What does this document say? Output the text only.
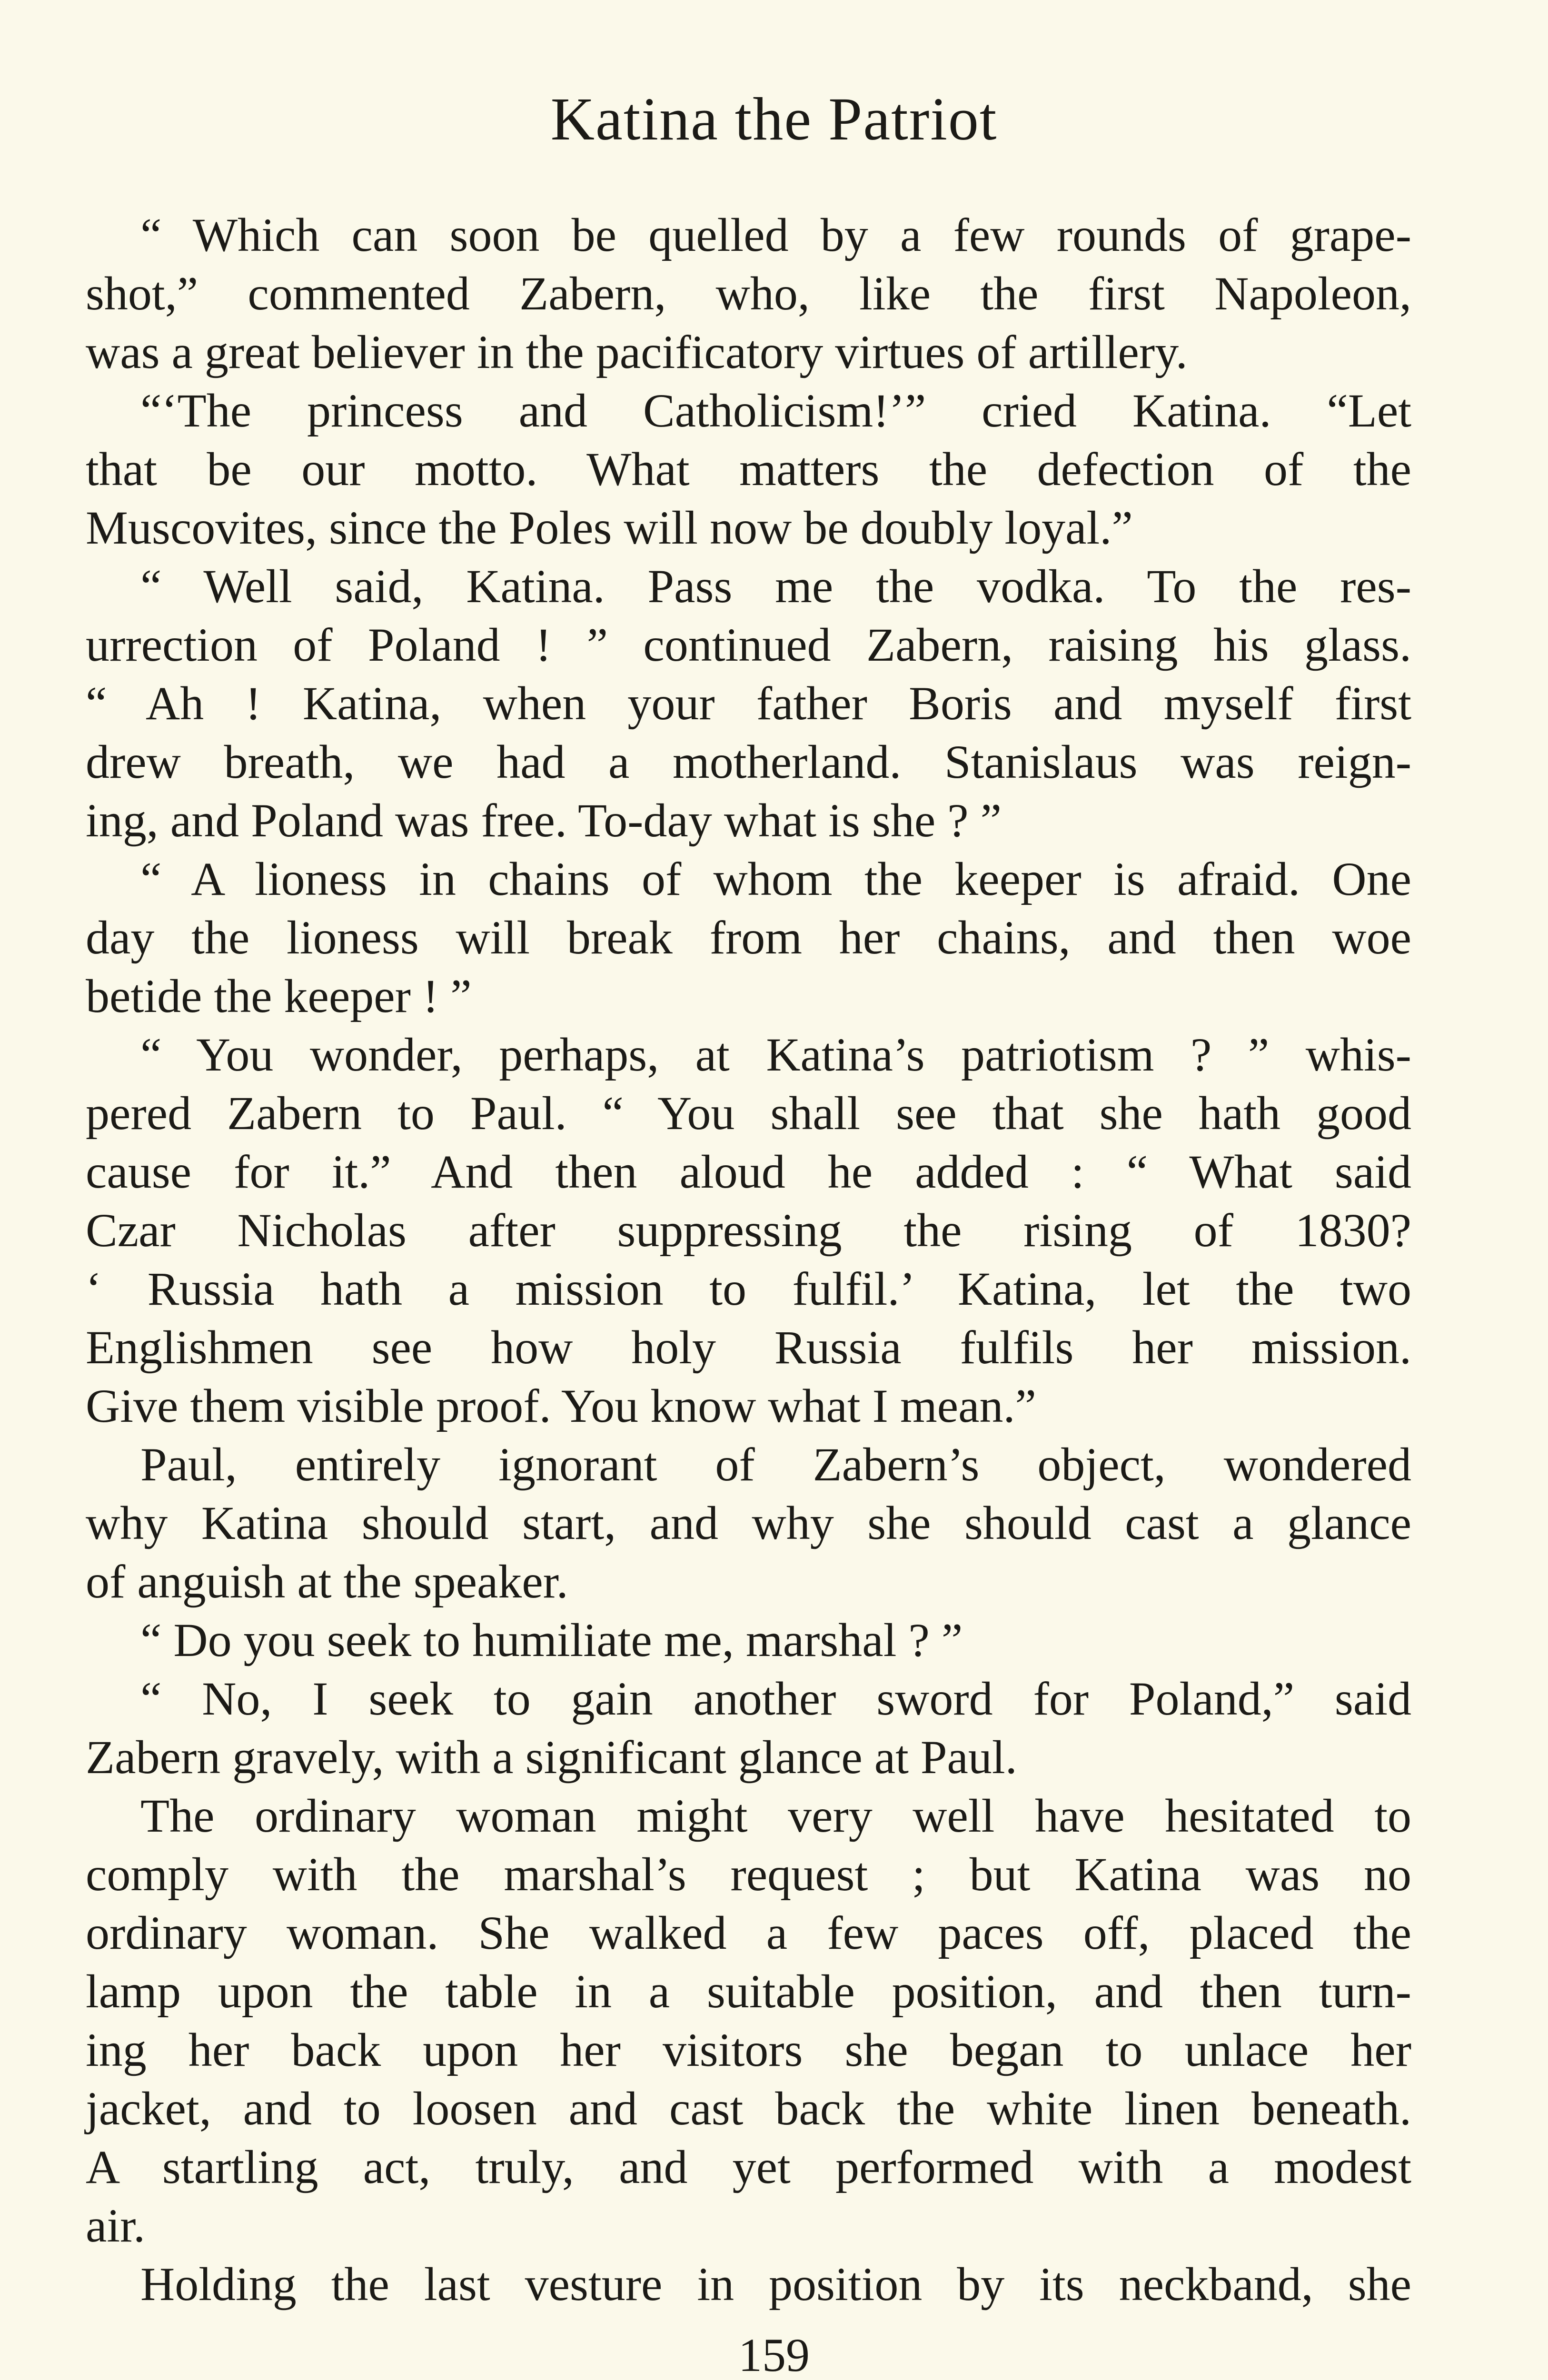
Katina the Patriot
“ Which can soon be quelled by a few rounds of grape-
shot,” commented Zabern, who, like the first Napoleon,
was a great believer in the pacificatory virtues of artillery.
“‘The princess and Catholicism!’” cried Katina. “Let
that be our motto. What matters the defection of the
Muscovites, since the Poles will now be doubly loyal.”
“ Well said, Katina. Pass me the vodka. To the res-
urrection of Poland ! ” continued Zabern, raising his glass.
“ Ah ! Katina, when your father Boris and myself first
drew breath, we had a motherland. Stanislaus was reign-
ing, and Poland was free. To-day what is she ? ”
“ A lioness in chains of whom the keeper is afraid. One
day the lioness will break from her chains, and then woe
betide the keeper ! ”
“ You wonder, perhaps, at Katina’s patriotism ? ” whis-
pered Zabern to Paul. “ You shall see that she hath good
cause for it.” And then aloud he added : “ What said
Czar Nicholas after suppressing the rising of 1830?
‘ Russia hath a mission to fulfil.’ Katina, let the two
Englishmen see how holy Russia fulfils her mission.
Give them visible proof. You know what I mean.”
Paul, entirely ignorant of Zabern’s object, wondered
why Katina should start, and why she should cast a glance
of anguish at the speaker.
“ Do you seek to humiliate me, marshal ? ”
“ No, I seek to gain another sword for Poland,” said
Zabern gravely, with a significant glance at Paul.
The ordinary woman might very well have hesitated to
comply with the marshal’s request ; but Katina was no
ordinary woman. She walked a few paces off, placed the
lamp upon the table in a suitable position, and then turn-
ing her back upon her visitors she began to unlace her
jacket, and to loosen and cast back the white linen beneath.
A startling act, truly, and yet performed with a modest
air.
Holding the last vesture in position by its neckband, she
159
